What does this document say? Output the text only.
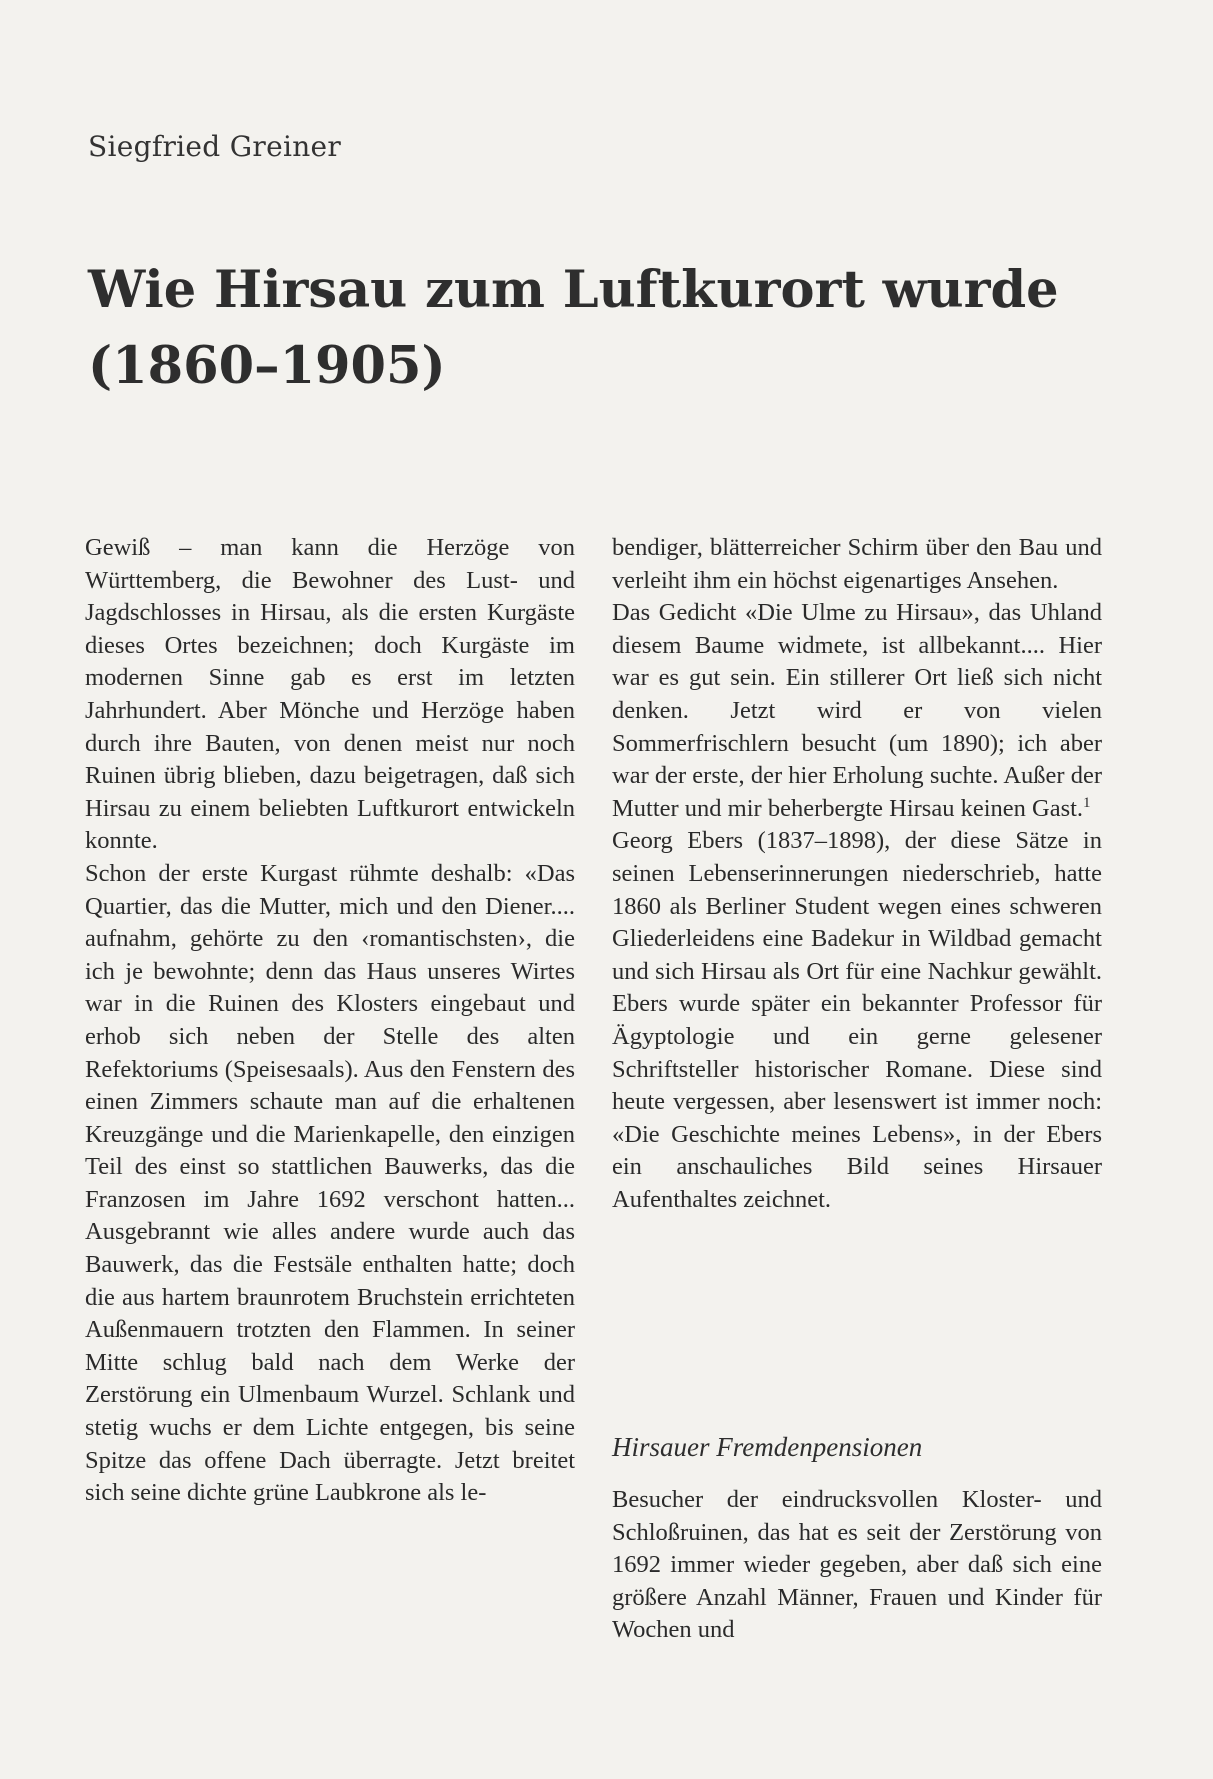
Siegfried Greiner
Wie Hirsau zum Luftkurort wurde
(1860–1905)

Gewiß – man kann die Herzöge von Württemberg, die Bewohner des Lust- und Jagdschlosses in Hirsau, als die ersten Kurgäste dieses Ortes bezeichnen; doch Kurgäste im modernen Sinne gab es erst im letzten Jahrhundert. Aber Mönche und Herzöge haben durch ihre Bauten, von denen meist nur noch Ruinen übrig blieben, dazu beigetragen, daß sich Hirsau zu einem beliebten Luftkurort entwickeln konnte.

Schon der erste Kurgast rühmte deshalb: «Das Quartier, das die Mutter, mich und den Diener.... aufnahm, gehörte zu den ‹romantischsten›, die ich je bewohnte; denn das Haus unseres Wirtes war in die Ruinen des Klosters eingebaut und erhob sich neben der Stelle des alten Refektoriums (Speisesaals). Aus den Fenstern des einen Zimmers schaute man auf die erhaltenen Kreuzgänge und die Marienkapelle, den einzigen Teil des einst so stattlichen Bauwerks, das die Franzosen im Jahre 1692 verschont hatten... Ausgebrannt wie alles andere wurde auch das Bauwerk, das die Festsäle enthalten hatte; doch die aus hartem braunrotem Bruchstein errichteten Außenmauern trotzten den Flammen. In seiner Mitte schlug bald nach dem Werke der Zerstörung ein Ulmenbaum Wurzel. Schlank und stetig wuchs er dem Lichte entgegen, bis seine Spitze das offene Dach überragte. Jetzt breitet sich seine dichte grüne Laubkrone als le-

bendiger, blätterreicher Schirm über den Bau und verleiht ihm ein höchst eigenartiges Ansehen.

Das Gedicht «Die Ulme zu Hirsau», das Uhland diesem Baume widmete, ist allbekannt.... Hier war es gut sein. Ein stillerer Ort ließ sich nicht denken. Jetzt wird er von vielen Sommerfrischlern besucht (um 1890); ich aber war der erste, der hier Erholung suchte. Außer der Mutter und mir beherbergte Hirsau keinen Gast.$^1$

Georg Ebers (1837–1898), der diese Sätze in seinen Lebenserinnerungen niederschrieb, hatte 1860 als Berliner Student wegen eines schweren Gliederleidens eine Badekur in Wildbad gemacht und sich Hirsau als Ort für eine Nachkur gewählt. Ebers wurde später ein bekannter Professor für Ägyptologie und ein gerne gelesener Schriftsteller historischer Romane. Diese sind heute vergessen, aber lesenswert ist immer noch: «Die Geschichte meines Lebens», in der Ebers ein anschauliches Bild seines Hirsauer Aufenthaltes zeichnet.

Hirsauer Fremdenpensionen

Besucher der eindrucksvollen Kloster- und Schloßruinen, das hat es seit der Zerstörung von 1692 immer wieder gegeben, aber daß sich eine größere Anzahl Männer, Frauen und Kinder für Wochen und
